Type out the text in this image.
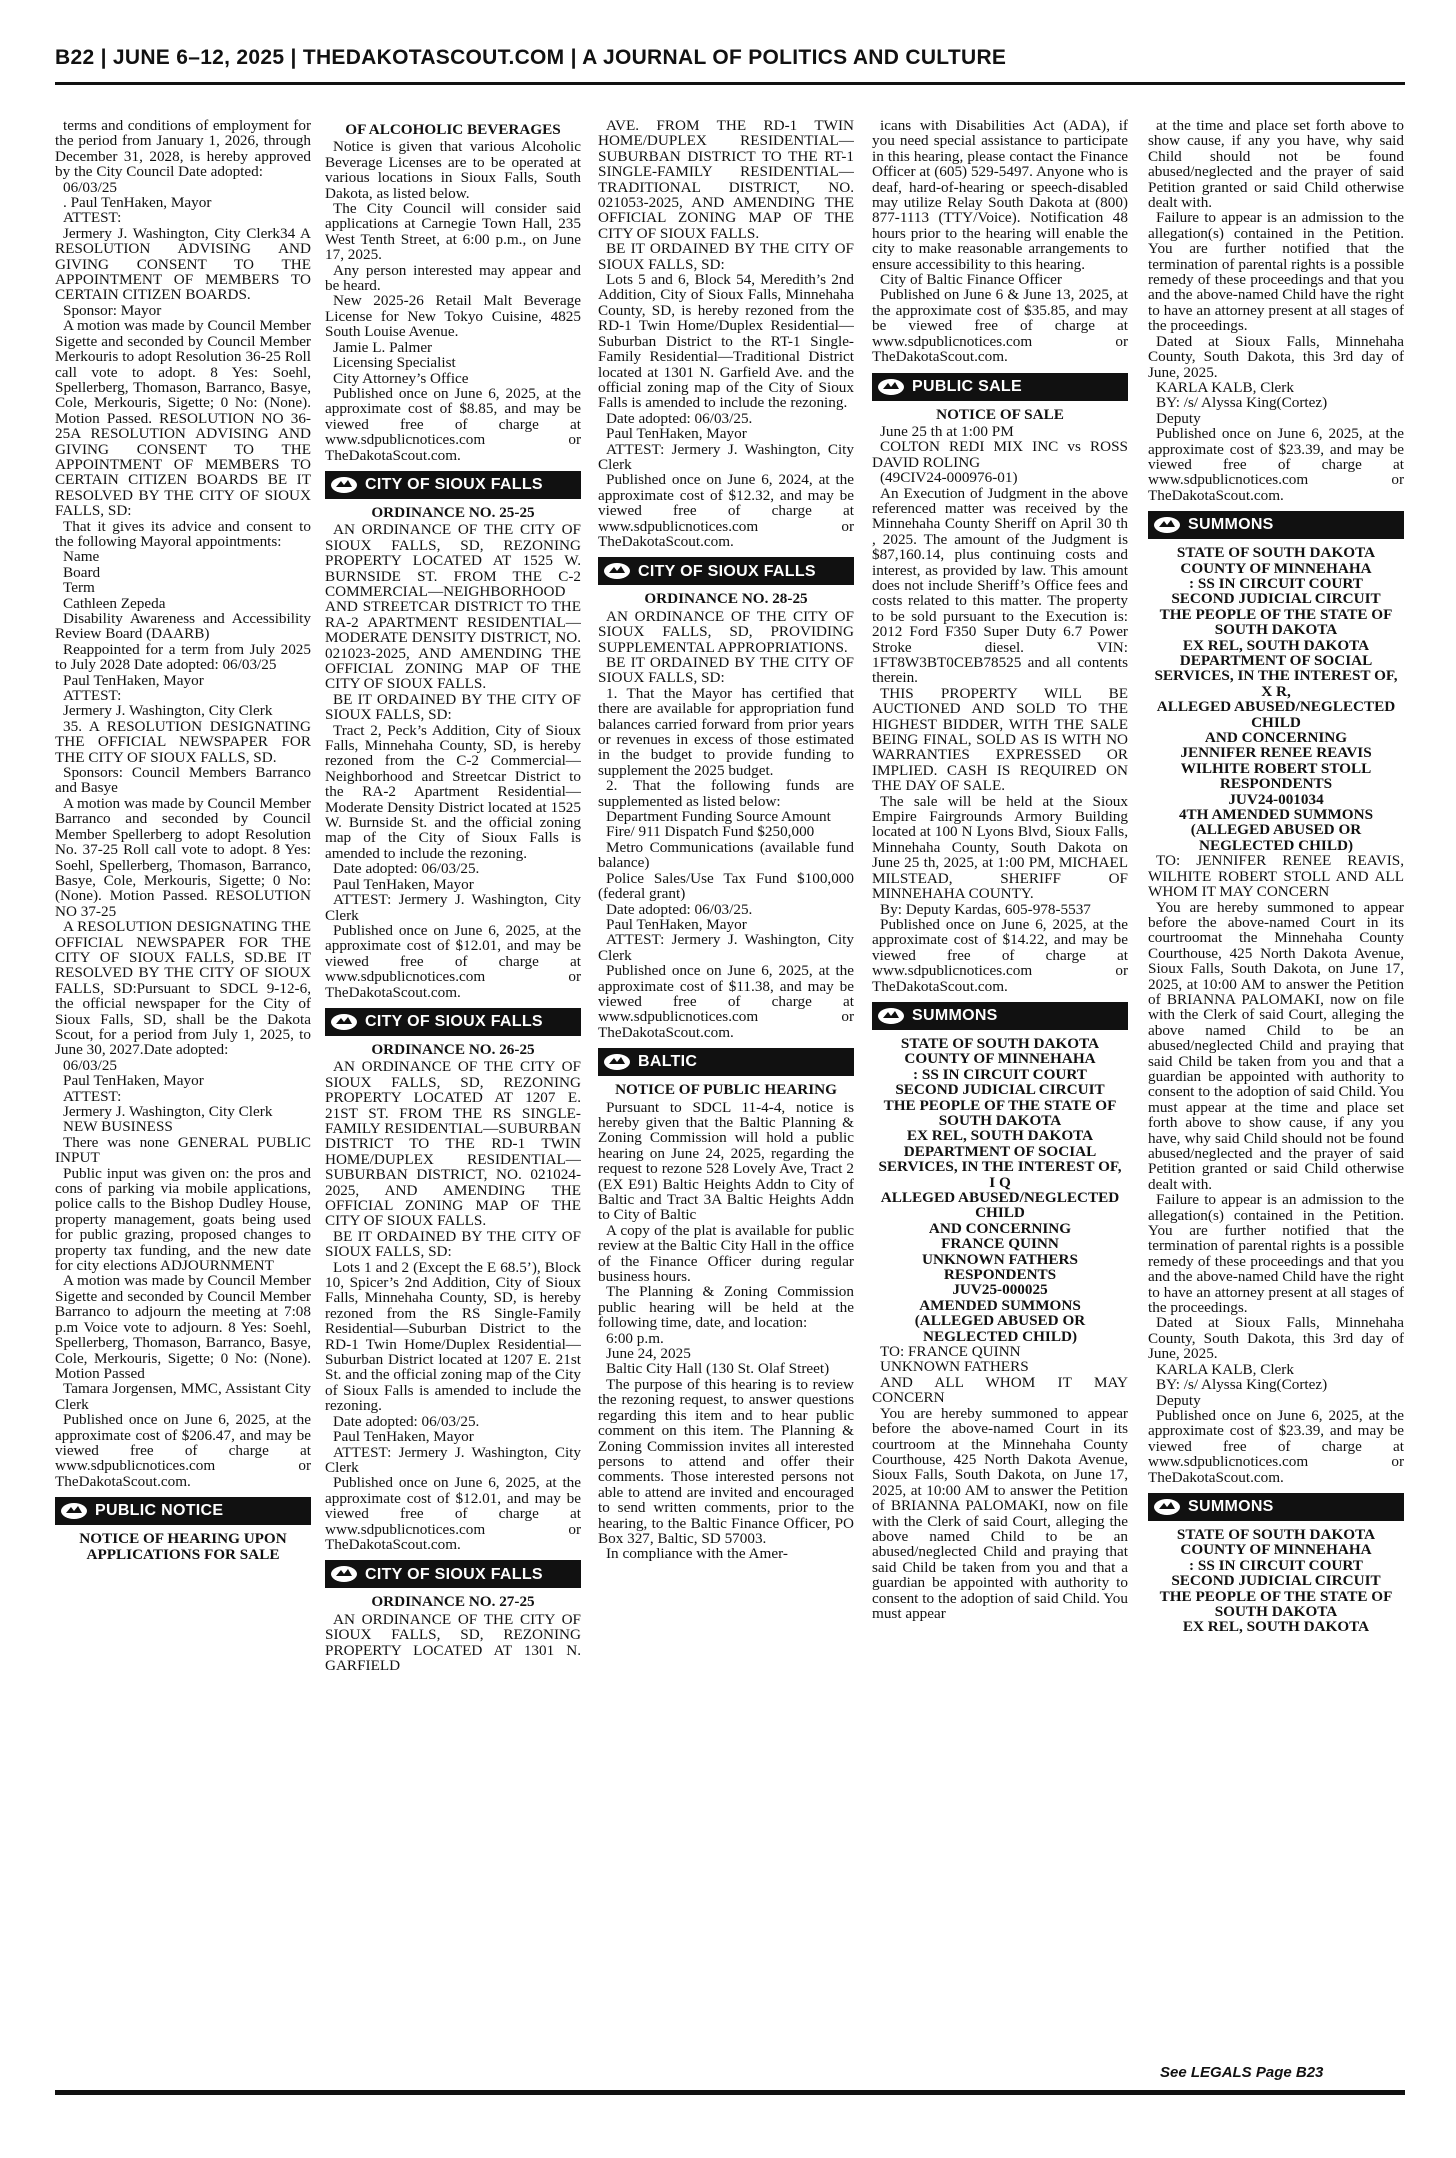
B22 | JUNE 6–12, 2025 | THEDAKOTASCOUT.COM | A JOURNAL OF POLITICS AND CULTURE

terms and conditions of employment for the period from January 1, 2026, through December 31, 2028, is hereby approved by the City Council Date adopted:

06/03/25

. Paul TenHaken, Mayor

ATTEST:

Jermery J. Washington, City Clerk34 A RESOLUTION ADVISING AND GIVING CONSENT TO THE APPOINTMENT OF MEMBERS TO CERTAIN CITIZEN BOARDS.

Sponsor: Mayor

A motion was made by Council Member Sigette and seconded by Council Member Merkouris to adopt Resolution 36-25 Roll call vote to adopt. 8 Yes: Soehl, Spellerberg, Thomason, Barranco, Basye, Cole, Merkouris, Sigette; 0 No: (None). Motion Passed. RESOLUTION NO 36-25A RESOLUTION ADVISING AND GIVING CONSENT TO THE APPOINTMENT OF MEMBERS TO CERTAIN CITIZEN BOARDS BE IT RESOLVED BY THE CITY OF SIOUX FALLS, SD:

That it gives its advice and consent to the following Mayoral appointments:

Name

Board

Term

Cathleen Zepeda

Disability Awareness and Accessibility Review Board (DAARB)

Reappointed for a term from July 2025 to July 2028 Date adopted: 06/03/25

Paul TenHaken, Mayor

ATTEST:

Jermery J. Washington, City Clerk

35. A RESOLUTION DESIGNATING THE OFFICIAL NEWSPAPER FOR THE CITY OF SIOUX FALLS, SD.

Sponsors: Council Members Barranco and Basye

A motion was made by Council Member Barranco and seconded by Council Member Spellerberg to adopt Resolution No. 37-25 Roll call vote to adopt. 8 Yes: Soehl, Spellerberg, Thomason, Barranco, Basye, Cole, Merkouris, Sigette; 0 No: (None). Motion Passed. RESOLUTION NO 37-25

A RESOLUTION DESIGNATING THE OFFICIAL NEWSPAPER FOR THE CITY OF SIOUX FALLS, SD.BE IT RESOLVED BY THE CITY OF SIOUX FALLS, SD:Pursuant to SDCL 9-12-6, the official newspaper for the City of Sioux Falls, SD, shall be the Dakota Scout, for a period from July 1, 2025, to June 30, 2027.Date adopted:

06/03/25

Paul TenHaken, Mayor

ATTEST:

Jermery J. Washington, City Clerk

NEW BUSINESS

There was none GENERAL PUBLIC INPUT

Public input was given on: the pros and cons of parking via mobile applications, police calls to the Bishop Dudley House, property management, goats being used for public grazing, proposed changes to property tax funding, and the new date for city elections ADJOURNMENT

A motion was made by Council Member Sigette and seconded by Council Member Barranco to adjourn the meeting at 7:08 p.m Voice vote to adjourn. 8 Yes: Soehl, Spellerberg, Thomason, Barranco, Basye, Cole, Merkouris, Sigette; 0 No: (None). Motion Passed

Tamara Jorgensen, MMC, Assistant City Clerk

Published once on June 6, 2025, at the approximate cost of $206.47, and may be viewed free of charge at www.sdpublicnotices.com or TheDakotaScout.com.

PUBLIC NOTICE

NOTICE OF HEARING UPON APPLICATIONS FOR SALE

OF ALCOHOLIC BEVERAGES

Notice is given that various Alcoholic Beverage Licenses are to be operated at various locations in Sioux Falls, South Dakota, as listed below.

The City Council will consider said applications at Carnegie Town Hall, 235 West Tenth Street, at 6:00 p.m., on June 17, 2025.

Any person interested may appear and be heard.

New 2025-26 Retail Malt Beverage License for New Tokyo Cuisine, 4825 South Louise Avenue.

Jamie L. Palmer

Licensing Specialist

City Attorney’s Office

Published once on June 6, 2025, at the approximate cost of $8.85, and may be viewed free of charge at www.sdpublicnotices.com or TheDakotaScout.com.

CITY OF SIOUX FALLS

ORDINANCE NO. 25-25

AN ORDINANCE OF THE CITY OF SIOUX FALLS, SD, REZONING PROPERTY LOCATED AT 1525 W. BURNSIDE ST. FROM THE C-2 COMMERCIAL—NEIGHBORHOOD AND STREETCAR DISTRICT TO THE RA-2 APARTMENT RESIDENTIAL—MODERATE DENSITY DISTRICT, NO. 021023-2025, AND AMENDING THE OFFICIAL ZONING MAP OF THE CITY OF SIOUX FALLS.

BE IT ORDAINED BY THE CITY OF SIOUX FALLS, SD:

Tract 2, Peck’s Addition, City of Sioux Falls, Minnehaha County, SD, is hereby rezoned from the C-2 Commercial—Neighborhood and Streetcar District to the RA-2 Apartment Residential—Moderate Density District located at 1525 W. Burnside St. and the official zoning map of the City of Sioux Falls is amended to include the rezoning.

Date adopted: 06/03/25.

Paul TenHaken, Mayor

ATTEST: Jermery J. Washington, City Clerk

Published once on June 6, 2025, at the approximate cost of $12.01, and may be viewed free of charge at www.sdpublicnotices.com or TheDakotaScout.com.

CITY OF SIOUX FALLS

ORDINANCE NO. 26-25

AN ORDINANCE OF THE CITY OF SIOUX FALLS, SD, REZONING PROPERTY LOCATED AT 1207 E. 21ST ST. FROM THE RS SINGLE-FAMILY RESIDENTIAL—SUBURBAN DISTRICT TO THE RD-1 TWIN HOME/DUPLEX RESIDENTIAL—SUBURBAN DISTRICT, NO. 021024-2025, AND AMENDING THE OFFICIAL ZONING MAP OF THE CITY OF SIOUX FALLS.

BE IT ORDAINED BY THE CITY OF SIOUX FALLS, SD:

Lots 1 and 2 (Except the E 68.5’), Block 10, Spicer’s 2nd Addition, City of Sioux Falls, Minnehaha County, SD, is hereby rezoned from the RS Single-Family Residential—Suburban District to the RD-1 Twin Home/Duplex Residential—Suburban District located at 1207 E. 21st St. and the official zoning map of the City of Sioux Falls is amended to include the rezoning.

Date adopted: 06/03/25.

Paul TenHaken, Mayor

ATTEST: Jermery J. Washington, City Clerk

Published once on June 6, 2025, at the approximate cost of $12.01, and may be viewed free of charge at www.sdpublicnotices.com or TheDakotaScout.com.

CITY OF SIOUX FALLS

ORDINANCE NO. 27-25

AN ORDINANCE OF THE CITY OF SIOUX FALLS, SD, REZONING PROPERTY LOCATED AT 1301 N. GARFIELD

AVE. FROM THE RD-1 TWIN HOME/DUPLEX RESIDENTIAL—SUBURBAN DISTRICT TO THE RT-1 SINGLE-FAMILY RESIDENTIAL—TRADITIONAL DISTRICT, NO. 021053-2025, AND AMENDING THE OFFICIAL ZONING MAP OF THE CITY OF SIOUX FALLS.

BE IT ORDAINED BY THE CITY OF SIOUX FALLS, SD:

Lots 5 and 6, Block 54, Meredith’s 2nd Addition, City of Sioux Falls, Minnehaha County, SD, is hereby rezoned from the RD-1 Twin Home/Duplex Residential—Suburban District to the RT-1 Single-Family Residential—Traditional District located at 1301 N. Garfield Ave. and the official zoning map of the City of Sioux Falls is amended to include the rezoning.

Date adopted: 06/03/25.

Paul TenHaken, Mayor

ATTEST: Jermery J. Washington, City Clerk

Published once on June 6, 2024, at the approximate cost of $12.32, and may be viewed free of charge at www.sdpublicnotices.com or TheDakotaScout.com.

CITY OF SIOUX FALLS

ORDINANCE NO. 28-25

AN ORDINANCE OF THE CITY OF SIOUX FALLS, SD, PROVIDING SUPPLEMENTAL APPROPRIATIONS.

BE IT ORDAINED BY THE CITY OF SIOUX FALLS, SD:

1. That the Mayor has certified that there are available for appropriation fund balances carried forward from prior years or revenues in excess of those estimated in the budget to provide funding to supplement the 2025 budget.

2. That the following funds are supplemented as listed below:

Department Funding Source Amount

Fire/ 911 Dispatch Fund $250,000

Metro Communications (available fund balance)

Police Sales/Use Tax Fund $100,000 (federal grant)

Date adopted: 06/03/25.

Paul TenHaken, Mayor

ATTEST: Jermery J. Washington, City Clerk

Published once on June 6, 2025, at the approximate cost of $11.38, and may be viewed free of charge at www.sdpublicnotices.com or TheDakotaScout.com.

BALTIC

NOTICE OF PUBLIC HEARING

Pursuant to SDCL 11-4-4, notice is hereby given that the Baltic Planning & Zoning Commission will hold a public hearing on June 24, 2025, regarding the request to rezone 528 Lovely Ave, Tract 2 (EX E91) Baltic Heights Addn to City of Baltic and Tract 3A Baltic Heights Addn to City of Baltic

A copy of the plat is available for public review at the Baltic City Hall in the office of the Finance Officer during regular business hours.

The Planning & Zoning Commission public hearing will be held at the following time, date, and location:

6:00 p.m.

June 24, 2025

Baltic City Hall (130 St. Olaf Street)

The purpose of this hearing is to review the rezoning request, to answer questions regarding this item and to hear public comment on this item. The Planning & Zoning Commission invites all interested persons to attend and offer their comments. Those interested persons not able to attend are invited and encouraged to send written comments, prior to the hearing, to the Baltic Finance Officer, PO Box 327, Baltic, SD 57003.

In compliance with the Amer-

icans with Disabilities Act (ADA), if you need special assistance to participate in this hearing, please contact the Finance Officer at (605) 529-5497. Anyone who is deaf, hard-of-hearing or speech-disabled may utilize Relay South Dakota at (800) 877-1113 (TTY/Voice). Notification 48 hours prior to the hearing will enable the city to make reasonable arrangements to ensure accessibility to this hearing.

City of Baltic Finance Officer

Published on June 6 & June 13, 2025, at the approximate cost of $35.85, and may be viewed free of charge at www.sdpublicnotices.com or TheDakotaScout.com.

PUBLIC SALE

NOTICE OF SALE

June 25 th at 1:00 PM

COLTON REDI MIX INC vs ROSS DAVID ROLING

(49CIV24-000976-01)

An Execution of Judgment in the above referenced matter was received by the Minnehaha County Sheriff on April 30 th , 2025. The amount of the Judgment is $87,160.14, plus continuing costs and interest, as provided by law. This amount does not include Sheriff’s Office fees and costs related to this matter. The property to be sold pursuant to the Execution is: 2012 Ford F350 Super Duty 6.7 Power Stroke diesel. VIN: 1FT8W3BT0CEB78525 and all contents therein.

THIS PROPERTY WILL BE AUCTIONED AND SOLD TO THE HIGHEST BIDDER, WITH THE SALE BEING FINAL, SOLD AS IS WITH NO WARRANTIES EXPRESSED OR IMPLIED. CASH IS REQUIRED ON THE DAY OF SALE.

The sale will be held at the Sioux Empire Fairgrounds Armory Building located at 100 N Lyons Blvd, Sioux Falls, Minnehaha County, South Dakota on June 25 th, 2025, at 1:00 PM, MICHAEL MILSTEAD, SHERIFF OF MINNEHAHA COUNTY.

By: Deputy Kardas, 605-978-5537

Published once on June 6, 2025, at the approximate cost of $14.22, and may be viewed free of charge at www.sdpublicnotices.com or TheDakotaScout.com.

SUMMONS

STATE OF SOUTH DAKOTA

COUNTY OF MINNEHAHA

: SS IN CIRCUIT COURT

SECOND JUDICIAL CIRCUIT

THE PEOPLE OF THE STATE OF SOUTH DAKOTA

EX REL, SOUTH DAKOTA DEPARTMENT OF SOCIAL SERVICES, IN THE INTEREST OF,

I Q

ALLEGED ABUSED/NEGLECTED CHILD

AND CONCERNING

FRANCE QUINN

UNKNOWN FATHERS

RESPONDENTS

JUV25-000025

AMENDED SUMMONS

(ALLEGED ABUSED OR NEGLECTED CHILD)

TO: FRANCE QUINN

UNKNOWN FATHERS

AND ALL WHOM IT MAY CONCERN

You are hereby summoned to appear before the above-named Court in its courtroom at the Minnehaha County Courthouse, 425 North Dakota Avenue, Sioux Falls, South Dakota, on June 17, 2025, at 10:00 AM to answer the Petition of BRIANNA PALOMAKI, now on file with the Clerk of said Court, alleging the above named Child to be an abused/neglected Child and praying that said Child be taken from you and that a guardian be appointed with authority to consent to the adoption of said Child. You must appear

at the time and place set forth above to show cause, if any you have, why said Child should not be found abused/neglected and the prayer of said Petition granted or said Child otherwise dealt with.

Failure to appear is an admission to the allegation(s) contained in the Petition. You are further notified that the termination of parental rights is a possible remedy of these proceedings and that you and the above-named Child have the right to have an attorney present at all stages of the proceedings.

Dated at Sioux Falls, Minnehaha County, South Dakota, this 3rd day of June, 2025.

KARLA KALB, Clerk

BY: /s/ Alyssa King(Cortez)

Deputy

Published once on June 6, 2025, at the approximate cost of $23.39, and may be viewed free of charge at www.sdpublicnotices.com or TheDakotaScout.com.

SUMMONS

STATE OF SOUTH DAKOTA

COUNTY OF MINNEHAHA

: SS IN CIRCUIT COURT

SECOND JUDICIAL CIRCUIT

THE PEOPLE OF THE STATE OF SOUTH DAKOTA

EX REL, SOUTH DAKOTA DEPARTMENT OF SOCIAL SERVICES, IN THE INTEREST OF,

X R,

ALLEGED ABUSED/NEGLECTED CHILD

AND CONCERNING

JENNIFER RENEE REAVIS

WILHITE ROBERT STOLL

RESPONDENTS

JUV24-001034

4TH AMENDED SUMMONS

(ALLEGED ABUSED OR NEGLECTED CHILD)

TO: JENNIFER RENEE REAVIS, WILHITE ROBERT STOLL AND ALL WHOM IT MAY CONCERN

You are hereby summoned to appear before the above-named Court in its courtroomat the Minnehaha County Courthouse, 425 North Dakota Avenue, Sioux Falls, South Dakota, on June 17, 2025, at 10:00 AM to answer the Petition of BRIANNA PALOMAKI, now on file with the Clerk of said Court, alleging the above named Child to be an abused/neglected Child and praying that said Child be taken from you and that a guardian be appointed with authority to consent to the adoption of said Child. You must appear at the time and place set forth above to show cause, if any you have, why said Child should not be found abused/neglected and the prayer of said Petition granted or said Child otherwise dealt with.

Failure to appear is an admission to the allegation(s) contained in the Petition. You are further notified that the termination of parental rights is a possible remedy of these proceedings and that you and the above-named Child have the right to have an attorney present at all stages of the proceedings.

Dated at Sioux Falls, Minnehaha County, South Dakota, this 3rd day of June, 2025.

KARLA KALB, Clerk

BY: /s/ Alyssa King(Cortez)

Deputy

Published once on June 6, 2025, at the approximate cost of $23.39, and may be viewed free of charge at www.sdpublicnotices.com or TheDakotaScout.com.

SUMMONS

STATE OF SOUTH DAKOTA

COUNTY OF MINNEHAHA

: SS IN CIRCUIT COURT

SECOND JUDICIAL CIRCUIT

THE PEOPLE OF THE STATE OF SOUTH DAKOTA

EX REL, SOUTH DAKOTA

See LEGALS Page B23
